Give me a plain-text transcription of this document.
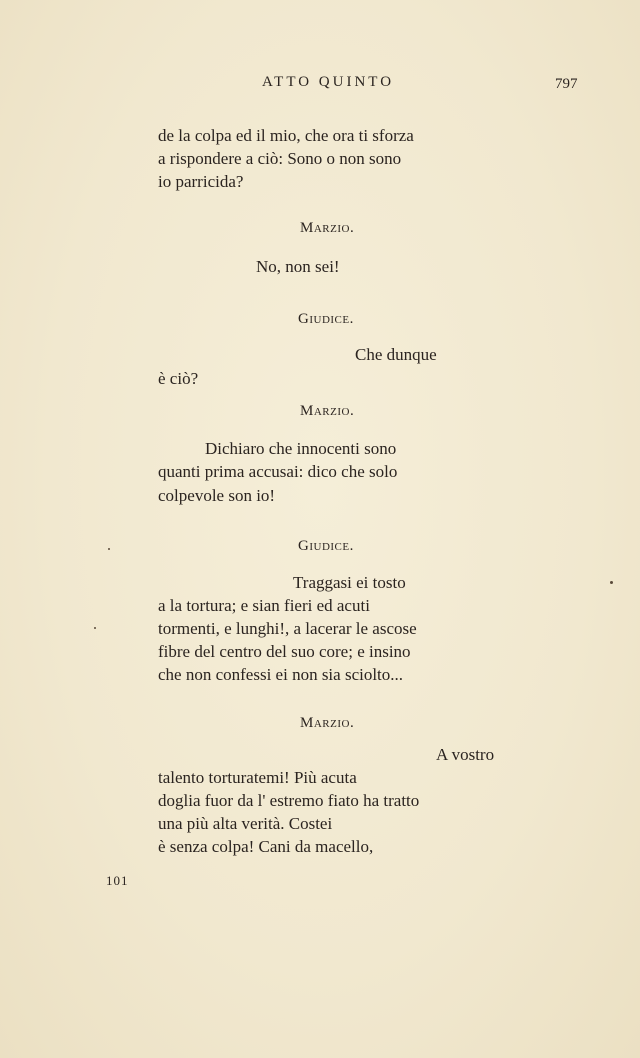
ATTO QUINTO	797
de la colpa ed il mio, che ora ti sforza
a rispondere a ciò: Sono o non sono
io parricida?
Marzio.
No, non sei!
Giudice.
Che dunque
è ciò?
Marzio.
Dichiaro che innocenti sono
quanti prima accusai: dico che solo
colpevole son io!
Giudice.
Traggasi ei tosto
a la tortura; e sian fieri ed acuti
tormenti, e lunghi!, a lacerar le ascose
fibre del centro del suo core; e insino
che non confessi ei non sia sciolto...
Marzio.
A vostro
talento torturatemi! Più acuta
doglia fuor da l' estremo fiato ha tratto
una più alta verità. Costei
è senza colpa! Cani da macello,
101
